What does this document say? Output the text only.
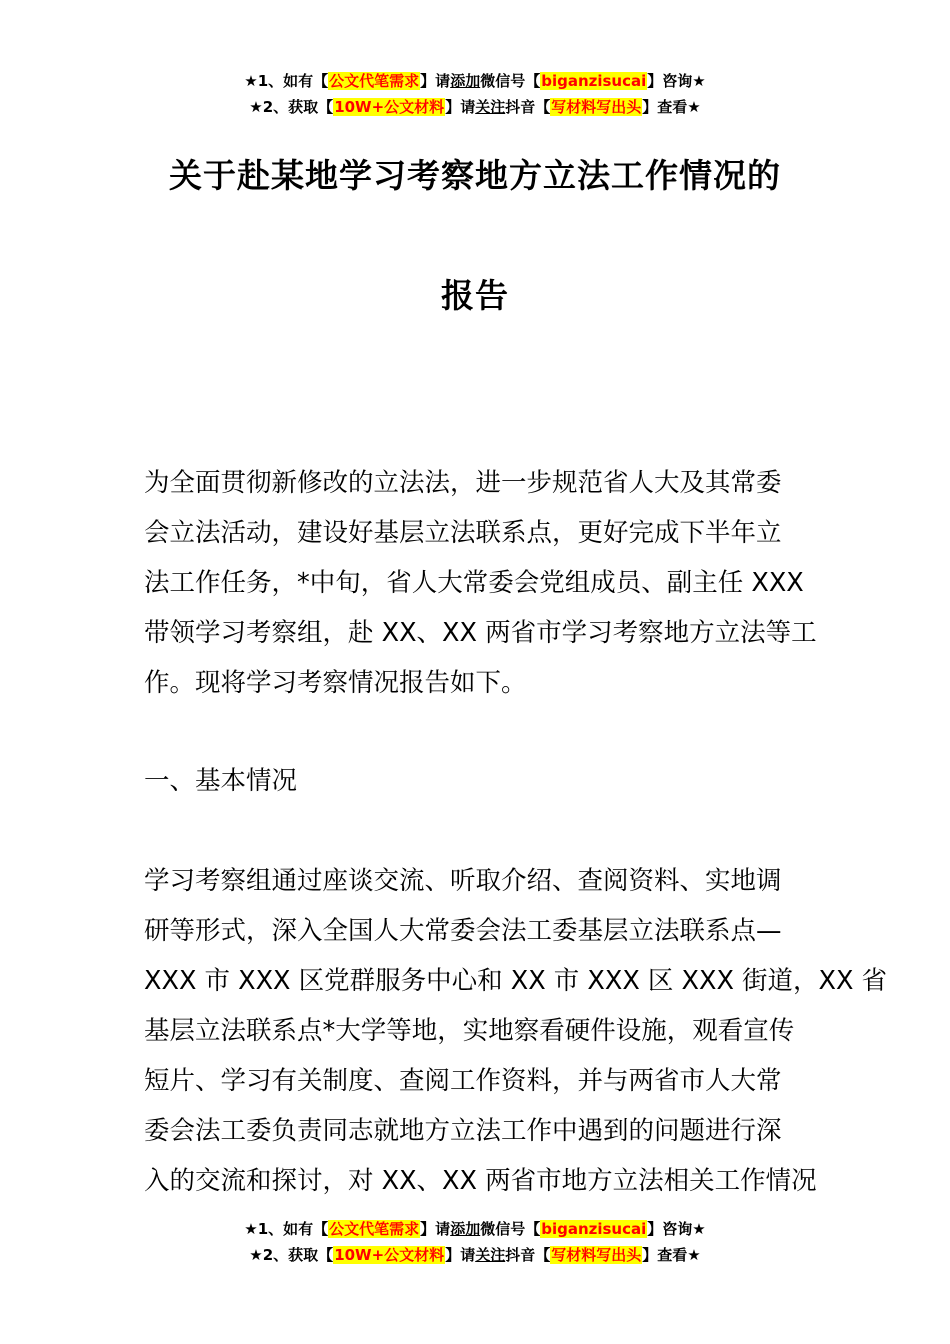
★1、如有【公文代笔需求】请添加微信号【biganzisucai】咨询★
★2、获取【10W+公文材料】请关注抖音【写材料写出头】查看★
关于赴某地学习考察地方立法工作情况的
报告
为全面贯彻新修改的立法法，进一步规范省人大及其常委
会立法活动，建设好基层立法联系点，更好完成下半年立
法工作任务，*中旬，省人大常委会党组成员、副主任 XXX
带领学习考察组，赴 XX、XX 两省市学习考察地方立法等工
作。现将学习考察情况报告如下。
一、基本情况
学习考察组通过座谈交流、听取介绍、查阅资料、实地调
研等形式，深入全国人大常委会法工委基层立法联系点—
XXX 市 XXX 区党群服务中心和 XX 市 XXX 区 XXX 街道，XX 省
基层立法联系点*大学等地，实地察看硬件设施，观看宣传
短片、学习有关制度、查阅工作资料，并与两省市人大常
委会法工委负责同志就地方立法工作中遇到的问题进行深
入的交流和探讨，对 XX、XX 两省市地方立法相关工作情况
★1、如有【公文代笔需求】请添加微信号【biganzisucai】咨询★
★2、获取【10W+公文材料】请关注抖音【写材料写出头】查看★
